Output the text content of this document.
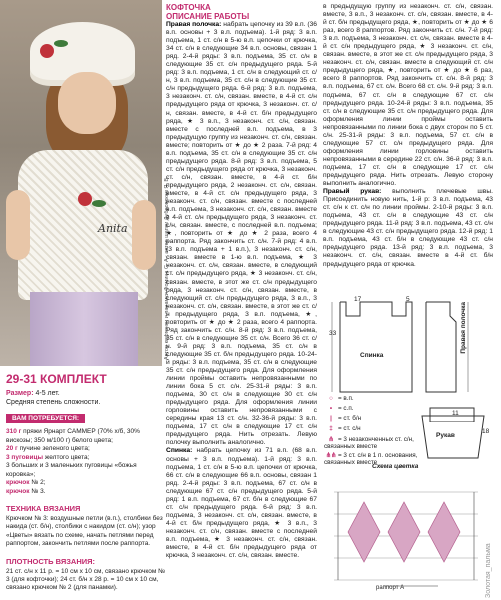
Anita	Автор кофточки и панамки Фомина С. А.; автор шапки Дубровская Я. В.
29-31 КОМПЛЕКТ
Размер: 4-5 лет.
Средняя степень сложности.
ВАМ ПОТРЕБУЕТСЯ:
310 г пряжи Ярнарт САММЕР (70% х/б, 30% вискозы; 350 м/100 г) белого цвета;
20 г пучине зеленого цвета;
3 пуговицы желтого цвета;
3 больших и 3 маленьких пуговицы «божья коровка»;
крючок № 2;
крючок № 3.
ТЕХНИКА ВЯЗАНИЯ
Крючком № 3: воздушные петли (в.п.), столбики без накида (ст. б/н), столбики с накидом (ст. с/н); узор «Цветы» вязать по схеме, начать петлями перед раппортом, закончить петлями после раппорта.
ПЛОТНОСТЬ ВЯЗАНИЯ:
21 ст. с/н х 11 р. = 10 см х 10 см, связано крючком № 3 (для кофточки); 24 ст. б/н х 28 р. = 10 см х 10 см, связано крючком № 2 (для панамки).
КОФТОЧКА
ОПИСАНИЕ РАБОТЫ
Правая полочка: набрать цепочку из 39 в.п. (36 в.п. основы + 3 в.п. подъема). 1-й ряд: 3 в.п. подъема, 1 ст. с/н в 5-ю в.п. цепочки от крючка, 34 ст. с/н в следующие 34 в.п. основы, связан 1 ряд. 2-4-й ряды: 3 в.п. подъема, 35 ст. с/н в следующие 35 ст. с/н предыдущего ряда. 5-й ряд: 3 в.п. подъема, 1 ст. с/н в следующий ст. с/н, 3 в.п. подъема, 35 ст. с/н в следующие 35 ст. с/н предыдущего ряда. 6-й ряд: 3 в.п. подъема, 3 незаконч. ст. с/н, связан. вместе, в 4-й ст. с/н предыдущего ряда от крючка, 3 незаконч. ст. с/н, связан. вместе, в 4-й ст. б/н предыдущего ряда, ★ 3 в.п., 3 незаконч. ст. с/н, связан. вместе с последней в.п. подъема, в 3 предыдущую группу из незаконч. ст. с/н, связан. вместе; повторить от ★ до ★ 2 раза. 7-й ряд: 4 в.п. подъема, 35 ст. с/н в следующие 35 ст. с/н предыдущего ряда. 8-й ряд: 3 в.п. подъема, 5 ст. с/н предыдущего ряда от крючка, 3 незаконч. ст. с/н, связан. вместе, в 4-й ст. б/н предыдущего ряда, 2 незаконч. ст. с/н, связан. вместе, в 4-й ст. с/н предыдущего ряда, 3 незаконч. ст. с/н, связан. вместе с последней в.п. подъема, 3 незаконч. ст. с/н, связан. вместе в 4-й ст. с/н предыдущего ряда, 3 незаконч. ст. с/н, связан. вместе, с последней в.п. подъема; ★, повторить от ★ до ★ 2 раза, всего 4 раппорта. Ряд закончить ст. с/н. 7-й ряд: 4 в.п. (3 в.п. подъема + 1 в.п.), 3 незаконч. ст. с/н, связан. вместе в 1-ю в.п. подъема, ★ 3 незаконч. ст. с/н, связан. вместе, в следующий ст. с/н предыдущего ряда, ★ 3 незаконч. ст. с/н, связан. вместе, в этот же ст. с/н предыдущего ряда, 3 незаконч. ст. с/н, связан. вместе, в следующий ст. с/н предыдущего ряда, 3 в.п., 3 незаконч. ст. с/н, связан. вместе, в этот же ст. с/н предыдущего ряда, 3 в.п. подъема, ★, повторить от ★ до ★ 2 раза, всего 4 раппорта. Ряд закончить ст. с/н. 8-й ряд: 3 в.п. подъема, 35 ст. с/н в следующие 35 ст. с/н. Всего 36 ст. с/н. 9-й ряд: 3 в.п. подъема, 35 ст. с/н в следующие 35 ст. б/н предыдущего ряда. 10-24-й ряды: 3 в.п. подъема, 35 ст. с/н в следующие 35 ст. с/н предыдущего ряда. Для оформления линии проймы оставить непровязанными по линии бока 5 ст. с/н. 25-31-й ряды: 3 в.п. подъема, 30 ст. с/н в следующие 30 ст. с/н предыдущего ряда. Для оформления линии горловины оставить непровязанными с середины края 13 ст. с/н. 32-36-й ряды: 3 в.п. подъема, 17 ст. с/н в следующие 17 ст. с/н предыдущего ряда. Нить отрезать. Левую полочку выполнить аналогично.
Спинка: набрать цепочку из 71 в.п. (68 в.п. основы + 3 в.п. подъема). 1-й ряд: 3 в.п. подъема, 1 ст. с/н в 5-ю в.п. цепочки от крючка, 66 ст. с/н в следующие 66 в.п. основы, связан 1 ряд. 2-4-й ряды: 3 в.п. подъема, 67 ст. с/н в следующие 67 ст. с/н предыдущего ряда. 5-й ряд: 1 в.п. подъема, 67 ст. б/н в следующие 67 ст. с/н предыдущего ряда. 6-й ряд: 3 в.п. подъема, 3 незаконч. ст. с/н, связан. вместе, в 4-й ст. б/н предыдущего ряда, ★ 3 в.п., 3 незаконч. ст. с/н, связан. вместе с последней в.п. подъема, ★ 3 незаконч. ст. с/н, связан. вместе, в 4-й ст. б/н предыдущего ряда от крючка, 3 незаконч. ст. с/н, связан. вместе.
в предыдущую группу из незаконч. ст. с/н, связан. вместе, 3 в.п., 3 незаконч. ст. с/н, связан. вместе, в 4-й ст. б/н предыдущего ряда, ★, повторить от ★ до ★ 6 раз, всего 8 раппортов. Ряд закончить ст. с/н. 7-й ряд: 3 в.п. подъема, 3 незаконч. ст. с/н, связан. вместе в 4-й ст. с/н предыдущего ряда, ★ 3 незаконч. ст. с/н, связан. вместе, в этот же ст. с/н предыдущего ряда, 3 незаконч. ст. с/н, связан. вместе в следующий ст. с/н предыдущего ряда, ★, повторить от ★ до ★ 6 раз, всего 8 раппортов. Ряд закончить ст. с/н. 8-й ряд: 3 в.п. подъема, 67 ст. с/н. Всего 68 ст. с/н. 9-й ряд: 3 в.п. подъема, 67 ст. с/н в следующие 67 ст. с/н предыдущего ряда. 10-24-й ряды: 3 в.п. подъема, 35 ст. с/н в следующие 35 ст. с/н предыдущего ряда. Для оформления линии проймы оставить непровязанными по линии бока с двух сторон по 5 ст. с/н. 25-31-й ряды: 3 в.п. подъема, 57 ст. с/н в следующие 57 ст. с/н предыдущего ряда. Для оформления линии горловины оставить непровязанными в середине 22 ст. с/н. 36-й ряд: 3 в.п. подъема, 17 ст. с/н в следующие 17 ст. с/н предыдущего ряда. Нить отрезать. Левую сторону выполнить аналогично.
Правый рукав: выполнить плечевые швы. Присоединить новую нить, 1-й р: 3 в.п. подъема, 43 ст. с/н к ст. с/н по линии проймы. 2-10-й ряды: 3 в.п. подъема, 43 ст. с/н в следующие 43 ст. с/н предыдущего ряда. 11-й ряд: 3 в.п. подъема, 43 ст. с/н в следующие 43 ст. с/н предыдущего ряда. 12-й ряд: 1 в.п. подъема, 43 ст. б/н в следующие 43 ст. с/н предыдущего ряда. 13-й ряд: 3 в.п. подъема, 3 незаконч. ст. с/н, связан. вместе в 4-й ст. б/н предыдущего ряда от крючка.
Спинка
Правая полочка
33
17	5
○ = в.п.
• = с.п.
| = ст. б/н
‡ = ст. с/н
⋔ = 3 незаконченных ст. с/н, связанных вместе
⋔⋔ = 3 ст. с/н в 1 п. основания, связанных вместе
Рукав
11
18
Схема цветка
раппорт А	Золотая_пальма
